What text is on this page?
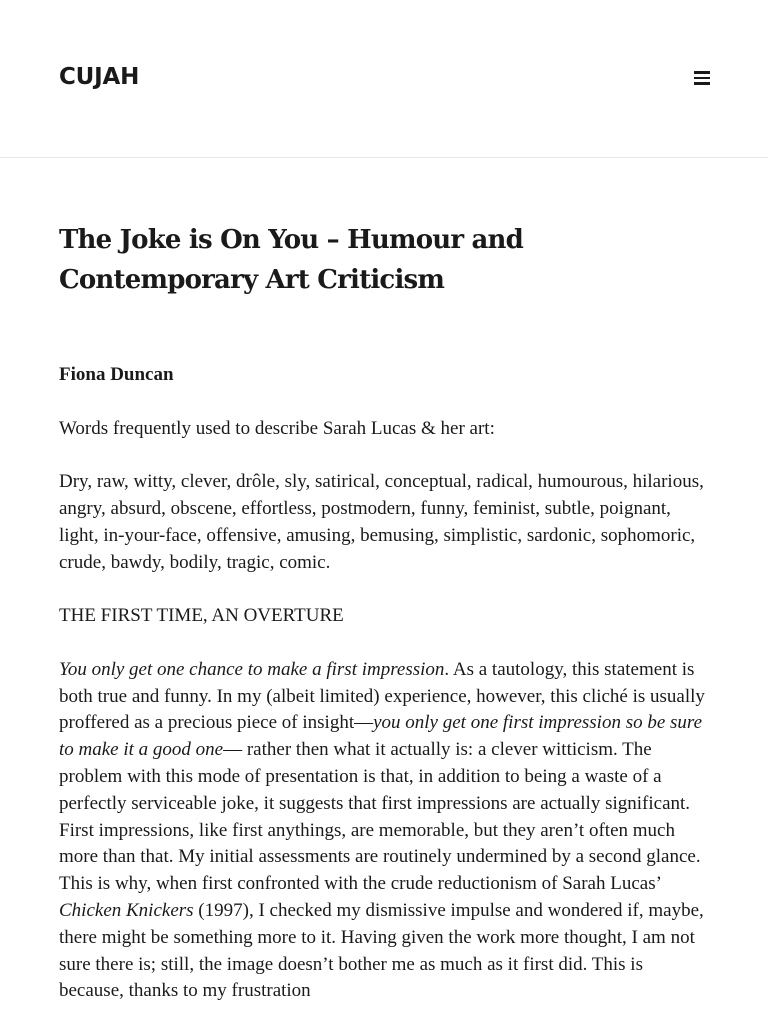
CUJAH
The Joke is On You – Humour and Contemporary Art Criticism

Fiona Duncan

Words frequently used to describe Sarah Lucas & her art:

Dry, raw, witty, clever, drôle, sly, satirical, conceptual, radical, humourous, hilarious, angry, absurd, obscene, effortless, postmodern, funny, feminist, subtle, poignant, light, in-your-face, offensive, amusing, bemusing, simplistic, sardonic, sophomoric, crude, bawdy, bodily, tragic, comic.

THE FIRST TIME, AN OVERTURE

You only get one chance to make a first impression. As a tautology, this statement is both true and funny. In my (albeit limited) experience, however, this cliché is usually proffered as a precious piece of insight—you only get one first impression so be sure to make it a good one— rather then what it actually is: a clever witticism. The problem with this mode of presentation is that, in addition to being a waste of a perfectly serviceable joke, it suggests that first impressions are actually significant. First impressions, like first anythings, are memorable, but they aren’t often much more than that. My initial assessments are routinely undermined by a second glance. This is why, when first confronted with the crude reductionism of Sarah Lucas’ Chicken Knickers (1997), I checked my dismissive impulse and wondered if, maybe, there might be something more to it. Having given the work more thought, I am not sure there is; still, the image doesn’t bother me as much as it first did. This is because, thanks to my frustration
